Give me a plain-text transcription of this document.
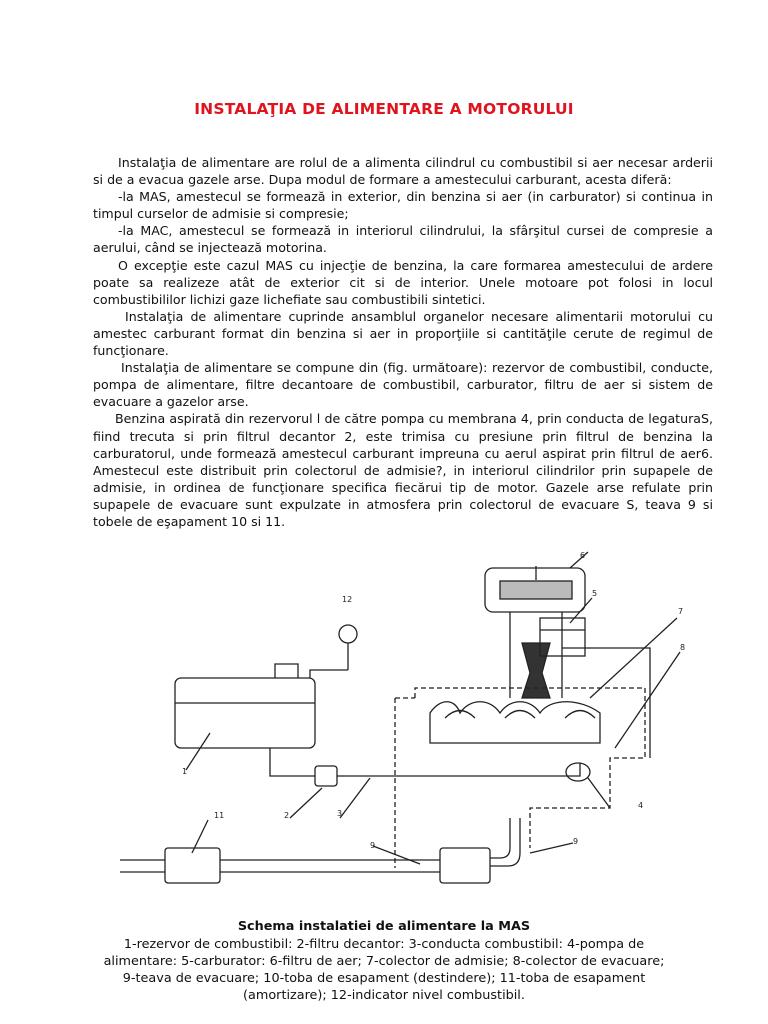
INSTALAŢIA DE ALIMENTARE A MOTORULUI

Instalaţia de alimentare are rolul de a alimenta cilindrul cu combustibil si aer necesar arderii si de a evacua gazele arse. Dupa modul de formare a amestecului carburant, acesta diferă:

-la MAS, amestecul se formează in exterior, din benzina si aer (in carburator) si continua in timpul curselor de admisie si compresie;

-la MAC, amestecul se formează in interiorul cilindrului, la sfârşitul cursei de compresie a aerului, când se injectează motorina.

O excepţie este cazul MAS cu injecţie de benzina, la care formarea amestecului de ardere poate sa realizeze atât de exterior cit si de interior. Unele motoare pot folosi in locul combustibililor lichizi gaze lichefiate sau combustibili sintetici.

Instalaţia de alimentare cuprinde ansamblul organelor necesare alimentarii motorului cu amestec carburant format din benzina si aer in proporţiile si cantităţile cerute de regimul de funcţionare.

Instalaţia de alimentare se compune din (fig. următoare): rezervor de combustibil, conducte, pompa de alimentare, filtre decantoare de combustibil, carburator, filtru de aer si sistem de evacuare a gazelor arse.

Benzina aspirată din rezervorul l de către pompa cu membrana 4, prin conducta de legaturaS, fiind trecuta si prin filtrul decantor 2, este trimisa cu presiune prin filtrul de benzina la carburatorul, unde formează amestecul carburant impreuna cu aerul aspirat prin filtrul de aer6. Amestecul este distribuit prin colectorul de admisie?, in interiorul cilindrilor prin supapele de admisie, in ordinea de funcţionare specifica fiecărui tip de motor. Gazele arse refulate prin supapele de evacuare sunt expulzate in atmosfera prin colectorul de evacuare S, teava 9 si tobele de eşapament 10 si 11.

6
5
7
8
12
1
2	3
4
9	9
11
Schema instalatiei de alimentare la MAS
1-rezervor de combustibil: 2-filtru decantor: 3-conducta combustibil: 4-pompa de alimentare: 5-carburator: 6-filtru de aer; 7-colector de admisie; 8-colector de evacuare; 9-teava de evacuare; 10-toba de esapament (destindere); 11-toba de esapament (amortizare); 12-indicator nivel combustibil.
